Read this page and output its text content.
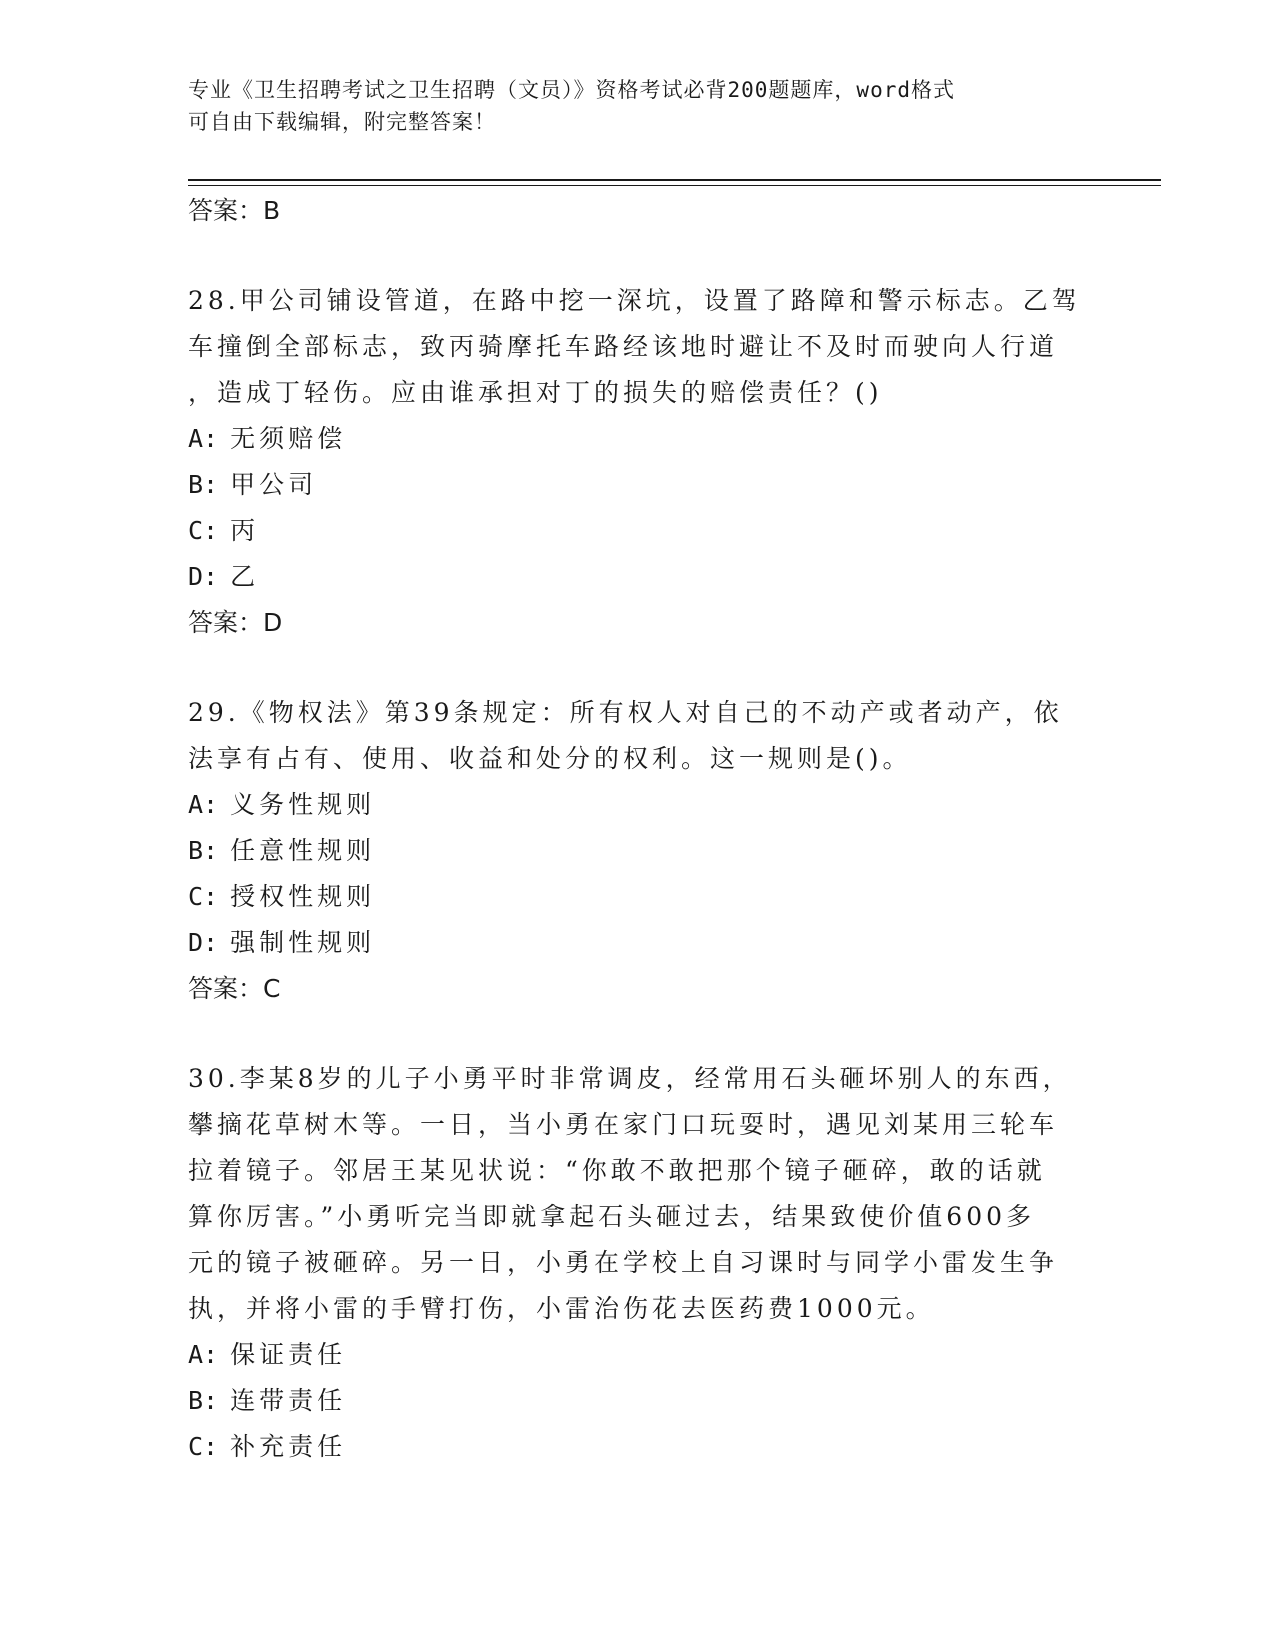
专业《卫生招聘考试之卫生招聘（文员）》资格考试必背200题题库，word格式
可自由下载编辑，附完整答案！

答案：B

28.甲公司铺设管道，在路中挖一深坑，设置了路障和警示标志。乙驾

车撞倒全部标志，致丙骑摩托车路经该地时避让不及时而驶向人行道

，造成丁轻伤。应由谁承担对丁的损失的赔偿责任？()

A: 无须赔偿

B: 甲公司

C: 丙

D: 乙

答案：D

29.《物权法》第39条规定：所有权人对自己的不动产或者动产，依

法享有占有、使用、收益和处分的权利。这一规则是()。

A: 义务性规则

B: 任意性规则

C: 授权性规则

D: 强制性规则

答案：C

30.李某8岁的儿子小勇平时非常调皮，经常用石头砸坏别人的东西，

攀摘花草树木等。一日，当小勇在家门口玩耍时，遇见刘某用三轮车

拉着镜子。邻居王某见状说：“你敢不敢把那个镜子砸碎，敢的话就

算你厉害。”小勇听完当即就拿起石头砸过去，结果致使价值600多

元的镜子被砸碎。另一日，小勇在学校上自习课时与同学小雷发生争

执，并将小雷的手臂打伤，小雷治伤花去医药费1000元。

A: 保证责任

B: 连带责任

C: 补充责任
